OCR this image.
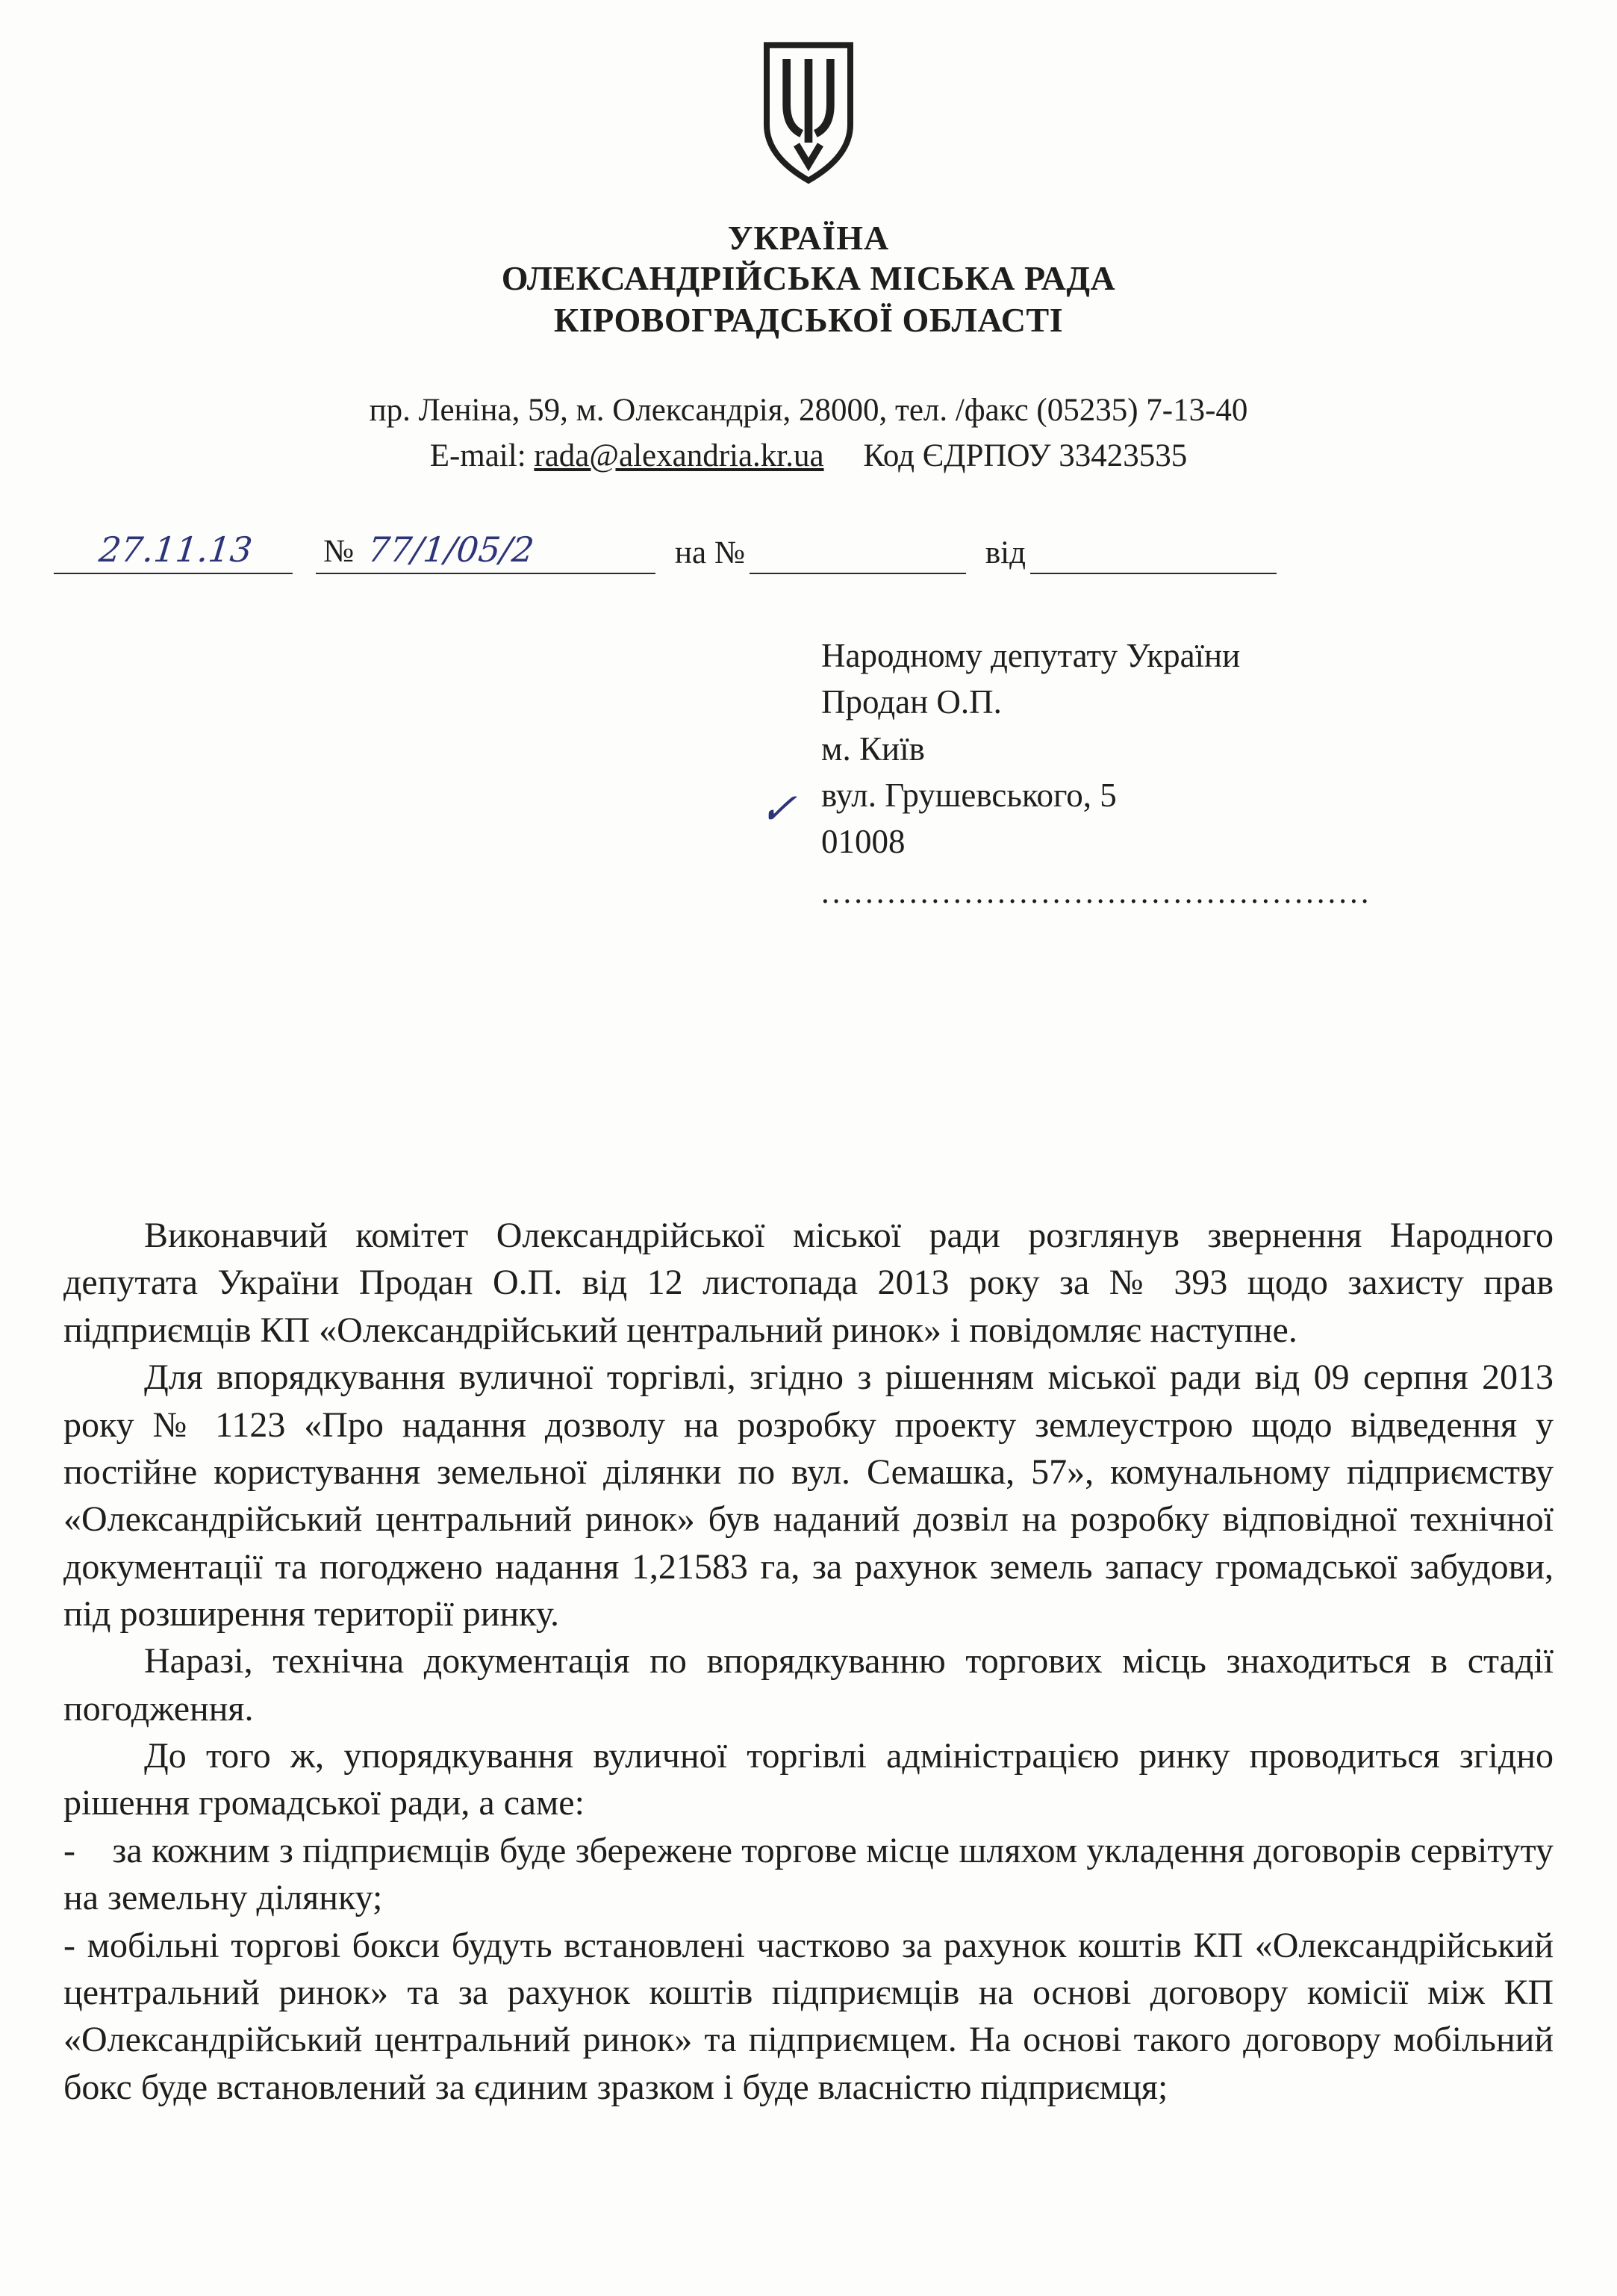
УКРАЇНА
ОЛЕКСАНДРІЙСЬКА МІСЬКА РАДА
КІРОВОГРАДСЬКОЇ ОБЛАСТІ
пр. Леніна, 59, м. Олександрія, 28000, тел. /факс (05235) 7-13-40
E-mail: rada@alexandria.kr.ua Код ЄДРПОУ 33423535
27.11.13	№ 77/1/05/2	на №	від
✓
Народному депутату України
Продан О.П.
м. Київ
вул. Грушевського, 5
01008
..................................................

Виконавчий комітет Олександрійської міської ради розглянув звернення Народного депутата України Продан О.П. від 12 листопада 2013 року за № 393 щодо захисту прав підприємців КП «Олександрійський центральний ринок» і повідомляє наступне.

Для впорядкування вуличної торгівлі, згідно з рішенням міської ради від 09 серпня 2013 року № 1123 «Про надання дозволу на розробку проекту землеустрою щодо відведення у постійне користування земельної ділянки по вул. Семашка, 57», комунальному підприємству «Олександрійський центральний ринок» був наданий дозвіл на розробку відповідної технічної документації та погоджено надання 1,21583 га, за рахунок земель запасу громадської забудови, під розширення території ринку.

Наразі, технічна документація по впорядкуванню торгових місць знаходиться в стадії погодження.

До того ж, упорядкування вуличної торгівлі адміністрацією ринку проводиться згідно рішення громадської ради, а саме:

-    за кожним з підприємців буде збережене торгове місце шляхом укладення договорів сервітуту на земельну ділянку;

- мобільні торгові бокси будуть встановлені частково за рахунок коштів КП «Олександрійський центральний ринок» та за рахунок коштів підприємців на основі договору комісії між КП «Олександрійський центральний ринок» та підприємцем. На основі такого договору мобільний бокс буде встановлений за єдиним зразком і буде власністю підприємця;
